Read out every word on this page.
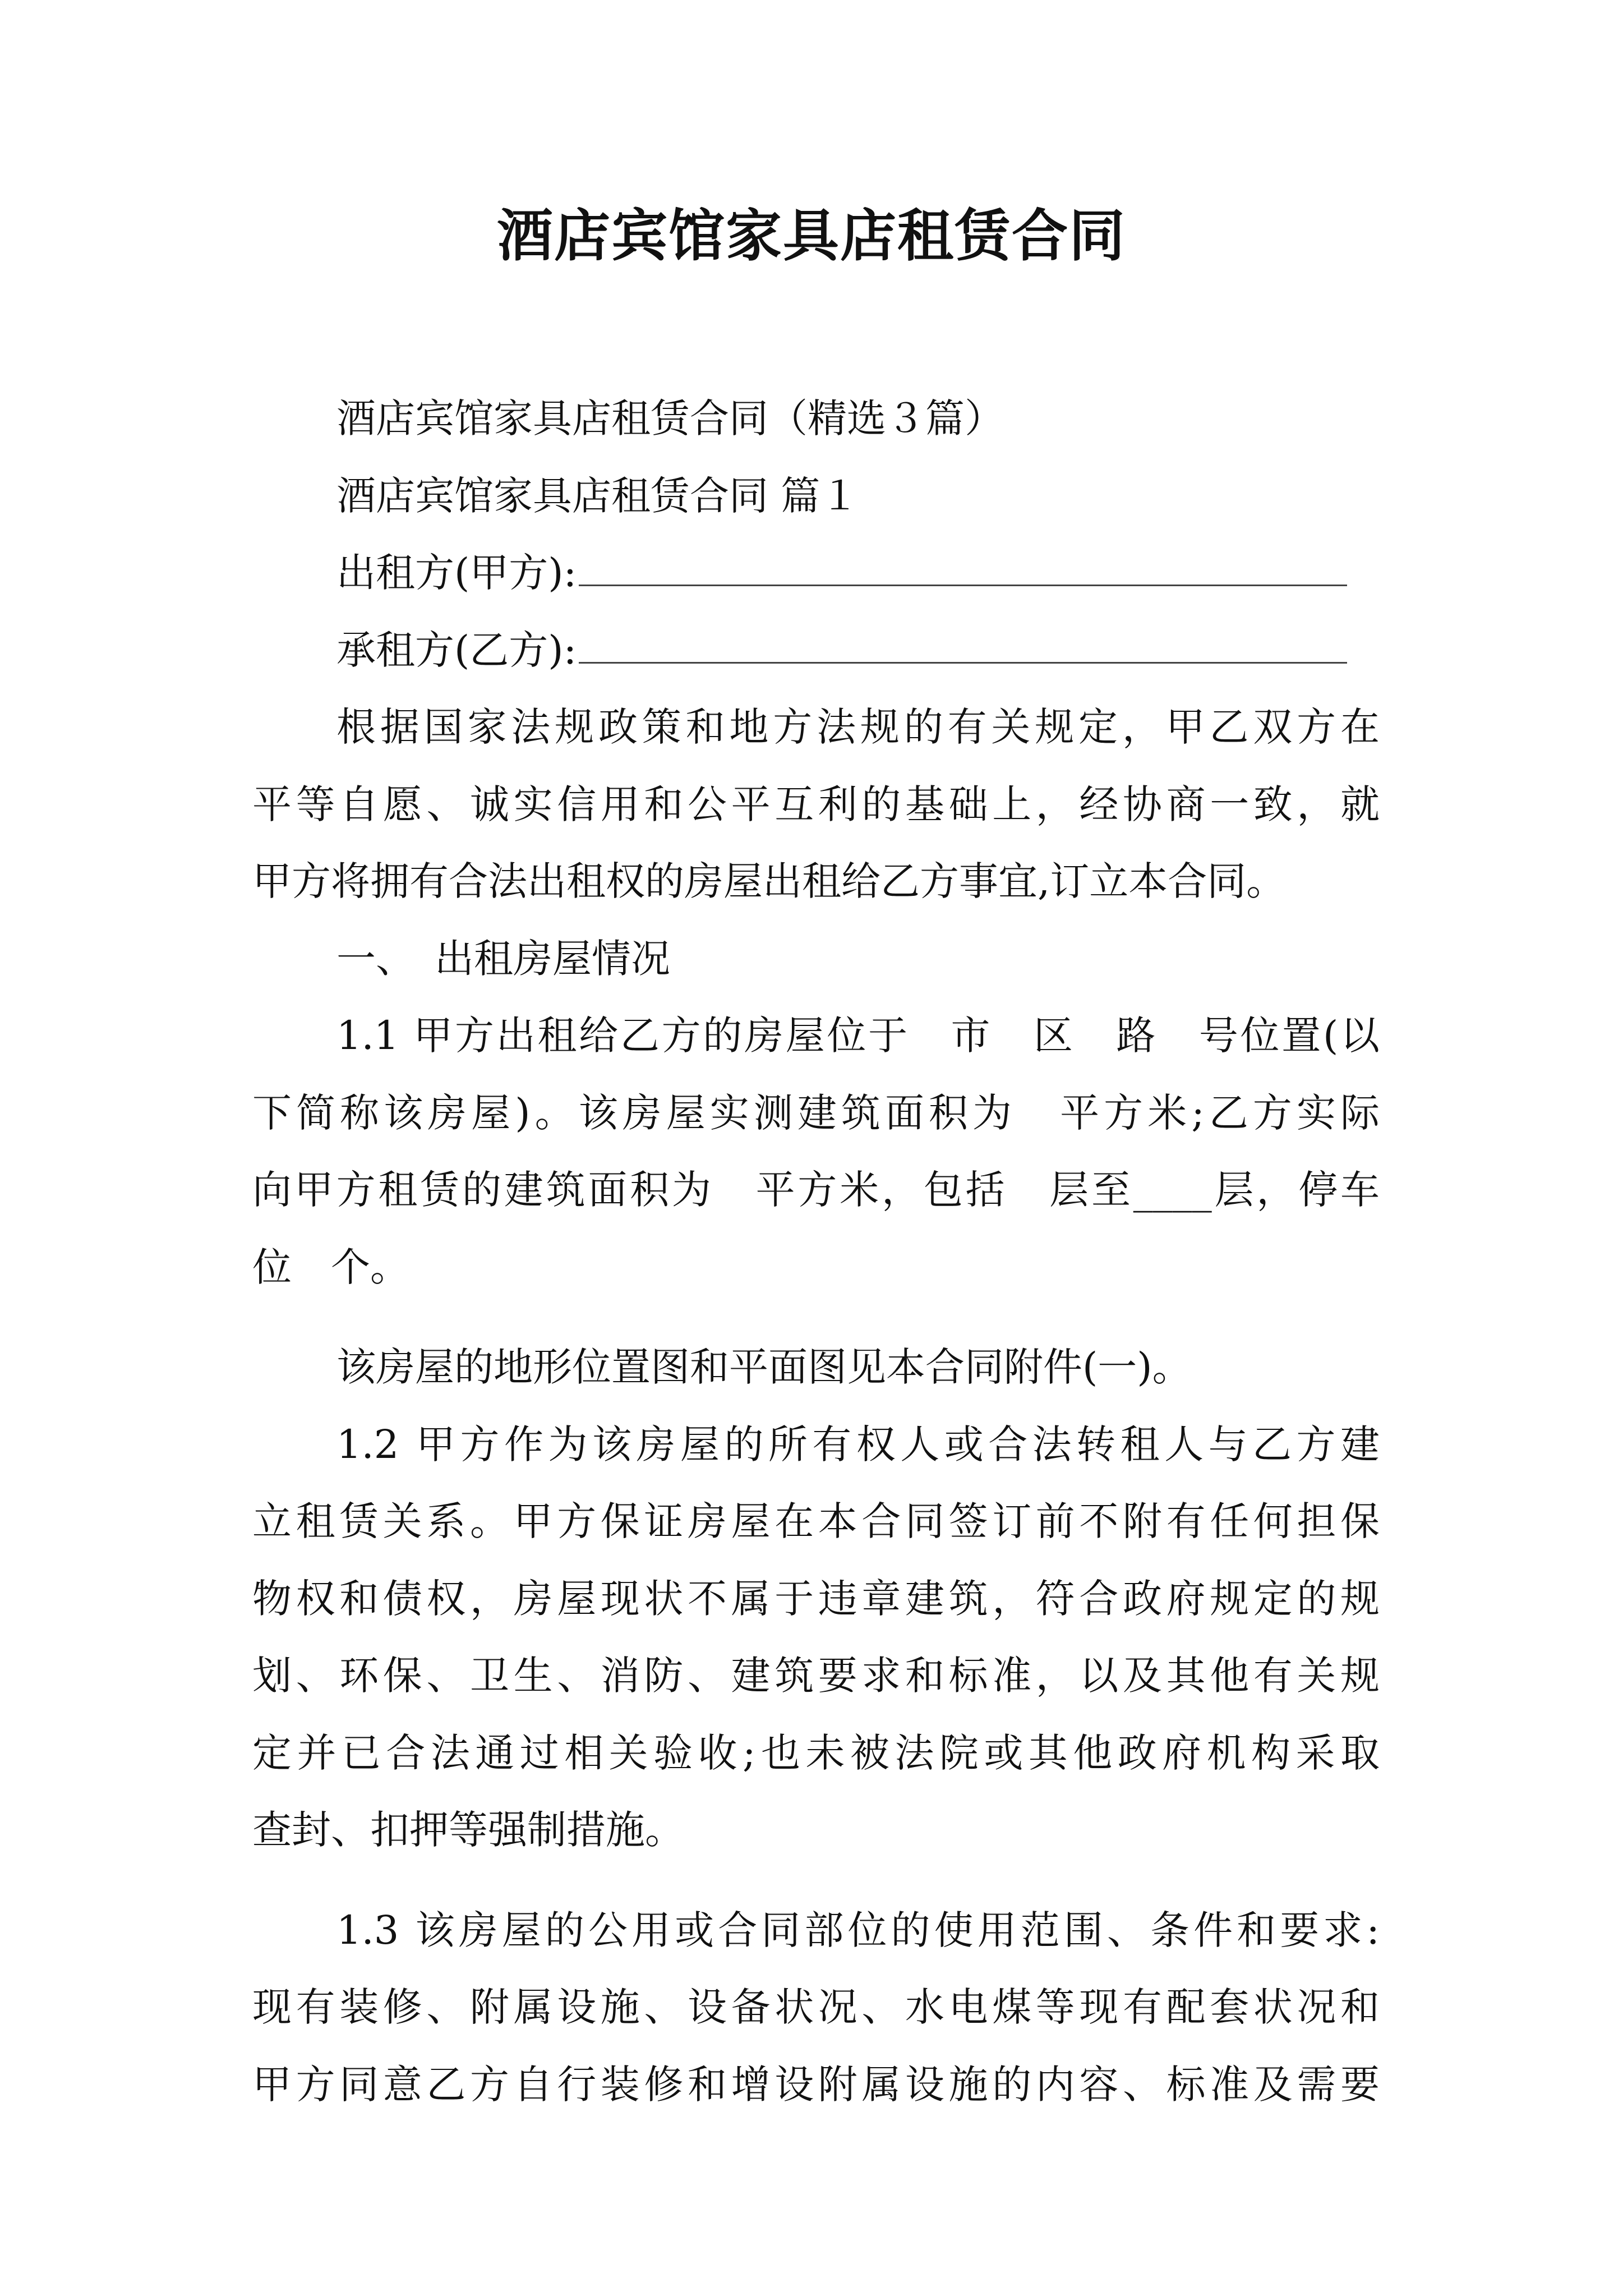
酒店宾馆家具店租赁合同
酒店宾馆家具店租赁合同（精选３篇）
酒店宾馆家具店租赁合同 篇１
出租方(甲方):
承租方(乙方):
根据国家法规政策和地方法规的有关规定，甲乙双方在
平等自愿、诚实信用和公平互利的基础上，经协商一致，就
甲方将拥有合法出租权的房屋出租给乙方事宜,订立本合同。
一、　出租房屋情况
1.1 甲方出租给乙方的房屋位于　市　区　路　号位置(以
下简称该房屋)。该房屋实测建筑面积为　平方米;乙方实际
向甲方租赁的建筑面积为　平方米，包括　层至____层，停车
位　个。
该房屋的地形位置图和平面图见本合同附件(一)。
1.2 甲方作为该房屋的所有权人或合法转租人与乙方建
立租赁关系。甲方保证房屋在本合同签订前不附有任何担保
物权和债权，房屋现状不属于违章建筑，符合政府规定的规
划、环保、卫生、消防、建筑要求和标准，以及其他有关规
定并已合法通过相关验收;也未被法院或其他政府机构采取
查封、扣押等强制措施。
1.3 该房屋的公用或合同部位的使用范围、条件和要求:
现有装修、附属设施、设备状况、水电煤等现有配套状况和
甲方同意乙方自行装修和增设附属设施的内容、标准及需要
